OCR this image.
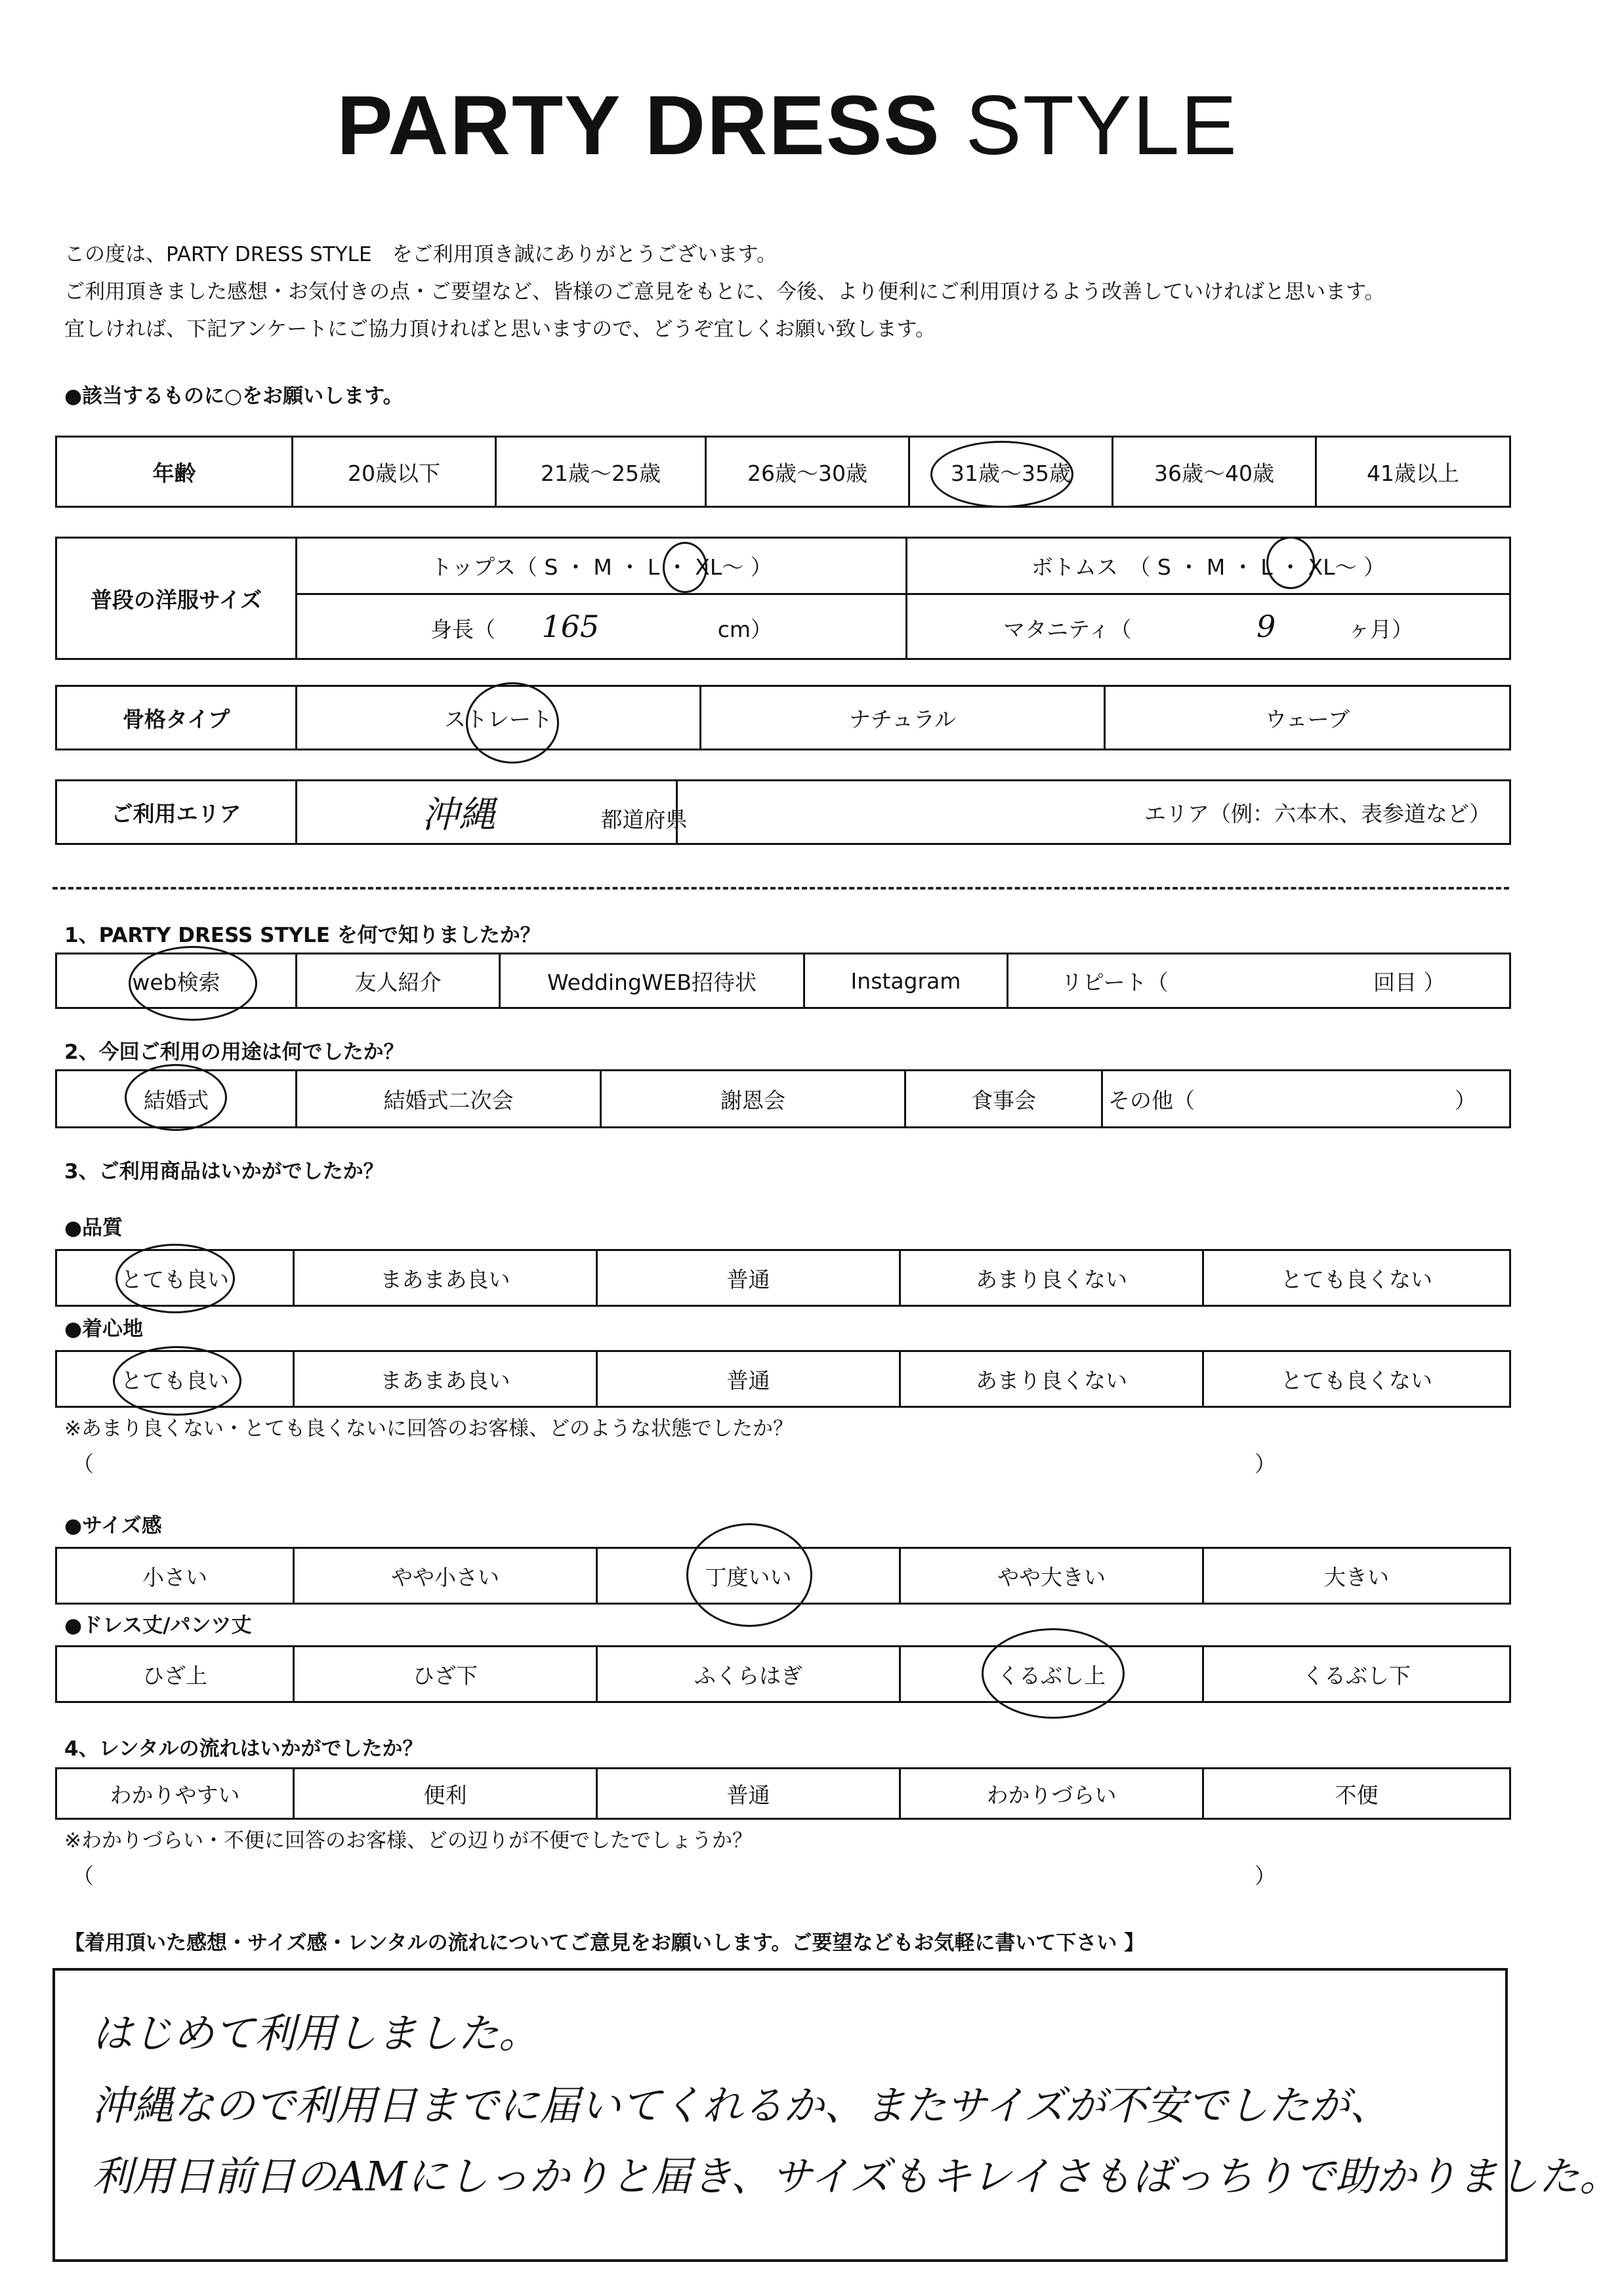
PARTY DRESS STYLE
この度は、PARTY DRESS STYLE　をご利用頂き誠にありがとうございます。
ご利用頂きました感想・お気付きの点・ご要望など、皆様のご意見をもとに、今後、より便利にご利用頂けるよう改善していければと思います。
宜しければ、下記アンケートにご協力頂ければと思いますので、どうぞ宜しくお願い致します。
●該当するものに○をお願いします。
年齢	20歳以下	21歳～25歳	26歳～30歳	31歳～35歳	36歳～40歳	41歳以上
普段の洋服サイズ	トップス（ S ・ M ・ L ・ XL～ ）	ボトムス　（ S ・ M ・ L ・ XL～ ）
	身長（ 165 cm）	マタニティ（ 9 ヶ月）
骨格タイプ	ストレート	ナチュラル	ウェーブ
ご利用エリア	沖縄	都道府県	エリア（例：六本木、表参道など）
1、PARTY DRESS STYLE を何で知りましたか？
web検索	友人紹介	WeddingWEB招待状	Instagram	リピート（	回目 ）
2、今回ご利用の用途は何でしたか？
結婚式	結婚式二次会	謝恩会	食事会	その他（	）
3、ご利用商品はいかがでしたか？
●品質
とても良い	まあまあ良い	普通	あまり良くない	とても良くない
●着心地
とても良い	まあまあ良い	普通	あまり良くない	とても良くない
※あまり良くない・とても良くないに回答のお客様、どのような状態でしたか？
（	）
●サイズ感
小さい	やや小さい	丁度いい	やや大きい	大きい
●ドレス丈/パンツ丈
ひざ上	ひざ下	ふくらはぎ	くるぶし上	くるぶし下
4、レンタルの流れはいかがでしたか？
わかりやすい	便利	普通	わかりづらい	不便
※わかりづらい・不便に回答のお客様、どの辺りが不便でしたでしょうか？
（	）
【着用頂いた感想・サイズ感・レンタルの流れについてご意見をお願いします。ご要望などもお気軽に書いて下さい 】
はじめて利用しました。
沖縄なので利用日までに届いてくれるか、またサイズが不安でしたが、
利用日前日のAMにしっかりと届き、サイズもキレイさもばっちりで助かりました。
